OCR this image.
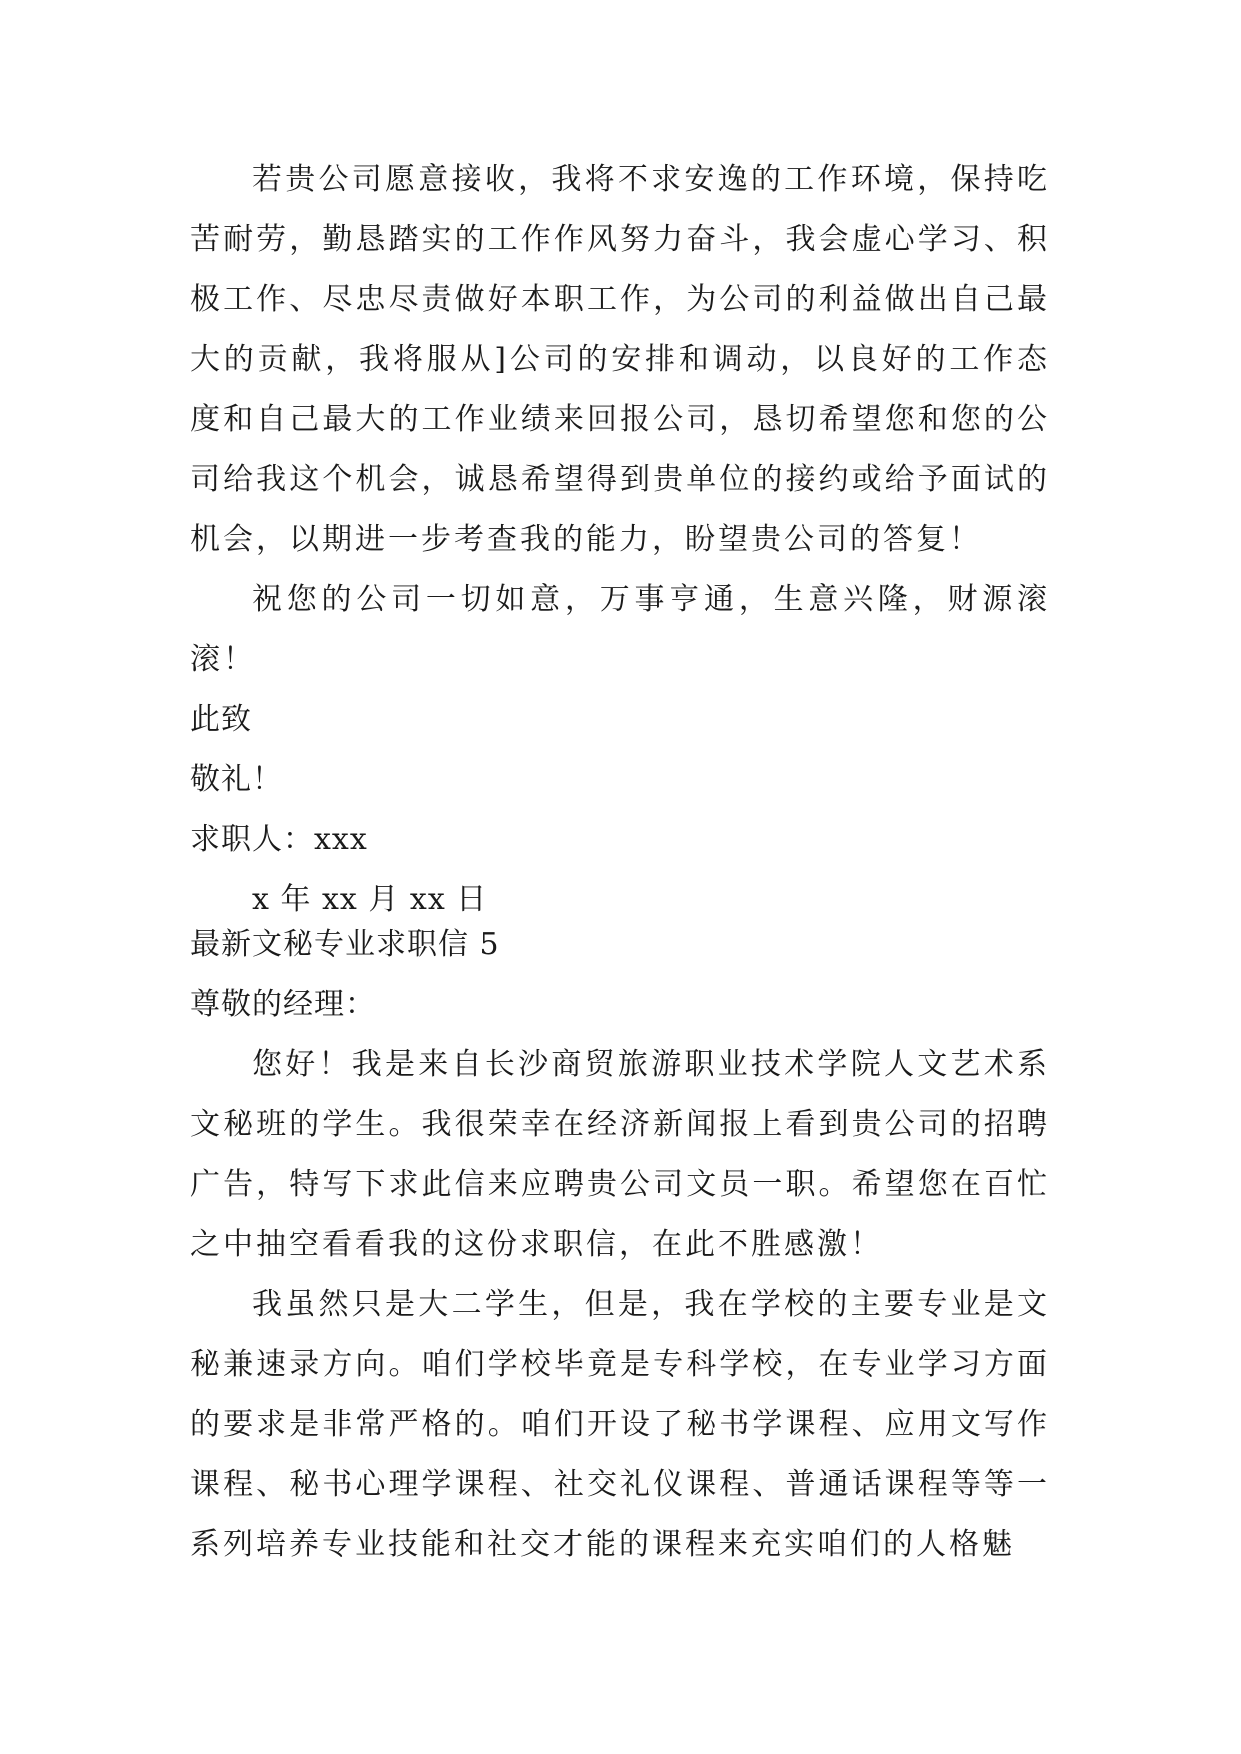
若贵公司愿意接收，我将不求安逸的工作环境，保持吃苦耐劳，勤恳踏实的工作作风努力奋斗，我会虚心学习、积极工作、尽忠尽责做好本职工作，为公司的利益做出自己最大的贡献，我将服从]公司的安排和调动，以良好的工作态度和自己最大的工作业绩来回报公司，恳切希望您和您的公司给我这个机会，诚恳希望得到贵单位的接约或给予面试的机会，以期进一步考查我的能力，盼望贵公司的答复！

祝您的公司一切如意，万事亨通，生意兴隆，财源滚滚！

此致

敬礼！

求职人：xxx

x 年 xx 月 xx 日

最新文秘专业求职信 5

尊敬的经理：

您好！我是来自长沙商贸旅游职业技术学院人文艺术系文秘班的学生。我很荣幸在经济新闻报上看到贵公司的招聘广告，特写下求此信来应聘贵公司文员一职。希望您在百忙之中抽空看看我的这份求职信，在此不胜感激！

我虽然只是大二学生，但是，我在学校的主要专业是文秘兼速录方向。咱们学校毕竟是专科学校，在专业学习方面的要求是非常严格的。咱们开设了秘书学课程、应用文写作课程、秘书心理学课程、社交礼仪课程、普通话课程等等一系列培养专业技能和社交才能的课程来充实咱们的人格魅
